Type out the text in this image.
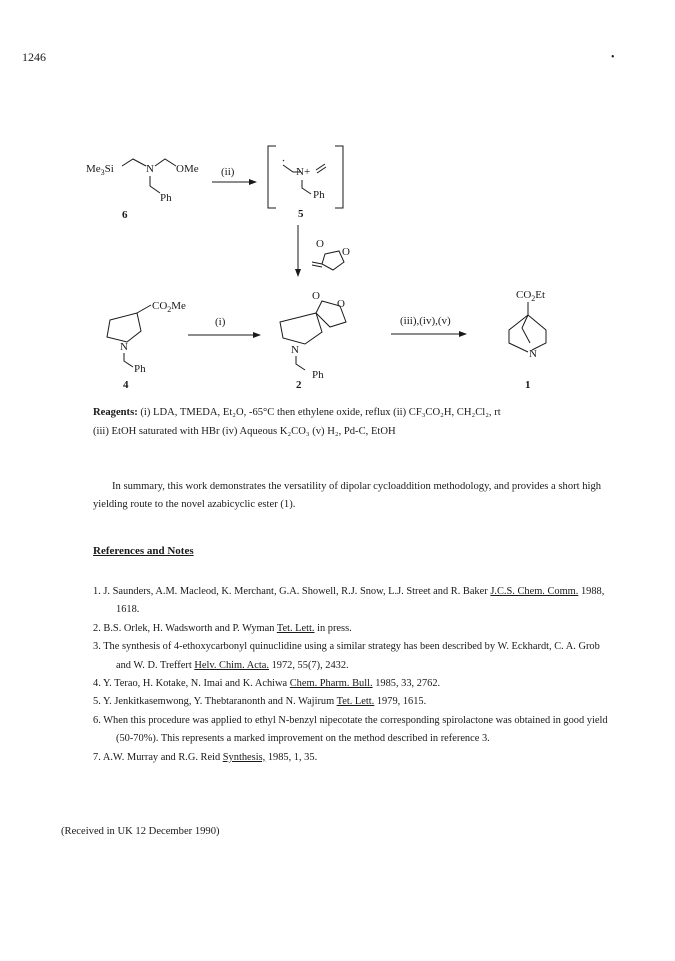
1246	•
$Me_3Si$	N OMe
Ph
6
(ii)	N+
Ph
5
O
O
$CO_2Me$
N
Ph
4
(i)
O
O
N
Ph
2
(iii),(iv),(v)
$CO_2Et$
N
1
Reagents: (i) LDA, TMEDA, Et₂O, -65°C then ethylene oxide, reflux (ii) CF₃CO₂H, CH₂Cl₂, rt
(iii) EtOH saturated with HBr (iv) Aqueous K₂CO₃ (v) H₂, Pd-C, EtOH
In summary, this work demonstrates the versatility of dipolar cycloaddition methodology, and provides a short high yielding route to the novel azabicyclic ester (1).
References and Notes
1. J. Saunders, A.M. Macleod, K. Merchant, G.A. Showell, R.J. Snow, L.J. Street and R. Baker J.C.S. Chem. Comm. 1988, 1618.
2. B.S. Orlek, H. Wadsworth and P. Wyman Tet. Lett. in press.
3. The synthesis of 4-ethoxycarbonyl quinuclidine using a similar strategy has been described by W. Eckhardt, C. A. Grob and W. D. Treffert Helv. Chim. Acta. 1972, 55(7), 2432.
4. Y. Terao, H. Kotake, N. Imai and K. Achiwa Chem. Pharm. Bull. 1985, 33, 2762.
5. Y. Jenkitkasemwong, Y. Thebtaranonth and N. Wajirum Tet. Lett. 1979, 1615.
6. When this procedure was applied to ethyl N-benzyl nipecotate the corresponding spirolactone was obtained in good yield (50-70%). This represents a marked improvement on the method described in reference 3.
7. A.W. Murray and R.G. Reid Synthesis, 1985, 1, 35.
(Received in UK 12 December 1990)
